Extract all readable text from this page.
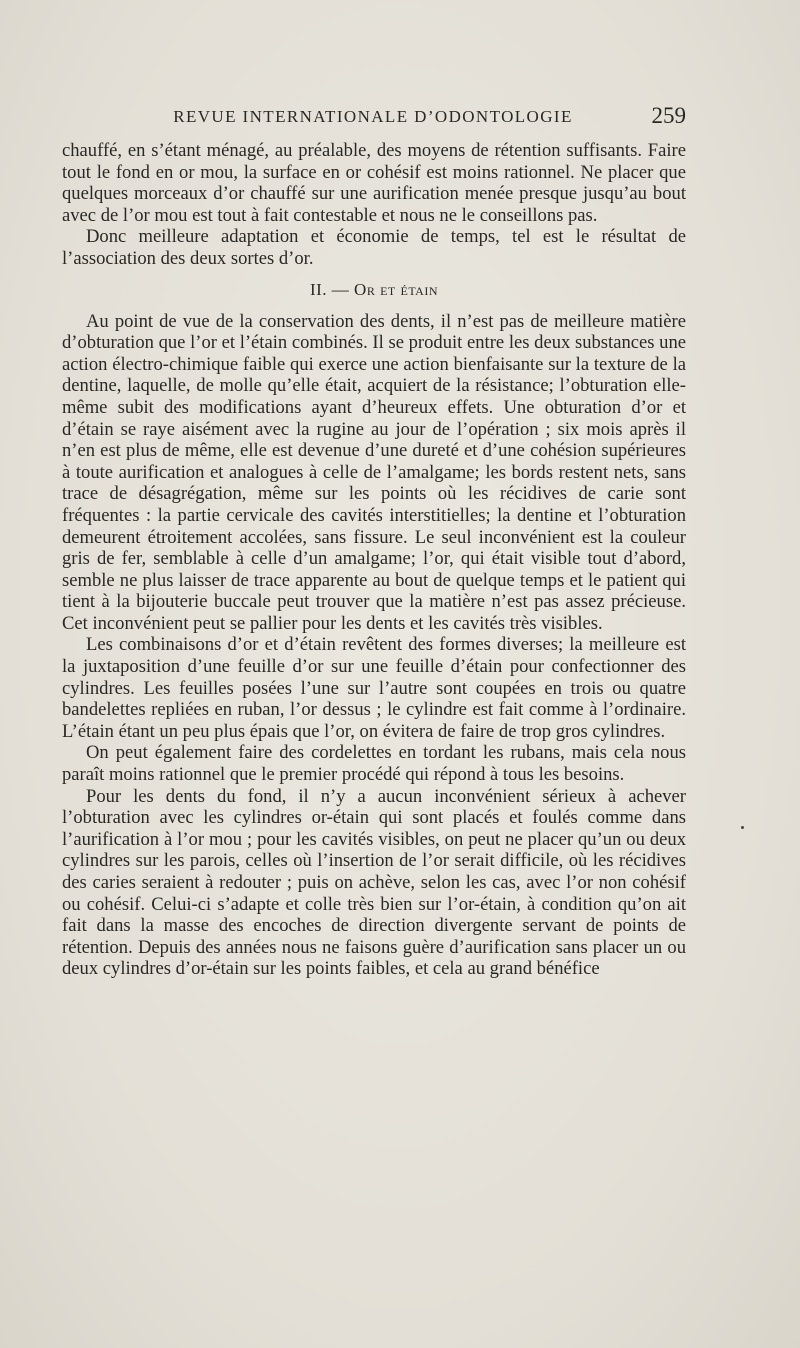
REVUE INTERNATIONALE D’ODONTOLOGIE	259

chauffé, en s’étant ménagé, au préalable, des moyens de rétention suffisants. Faire tout le fond en or mou, la surface en or cohésif est moins rationnel. Ne placer que quelques morceaux d’or chauffé sur une aurification menée presque jusqu’au bout avec de l’or mou est tout à fait contestable et nous ne le conseillons pas.

Donc meilleure adaptation et économie de temps, tel est le résultat de l’association des deux sortes d’or.

II. — Or et étain

Au point de vue de la conservation des dents, il n’est pas de meilleure matière d’obturation que l’or et l’étain combinés. Il se produit entre les deux substances une action électro-chimique faible qui exerce une action bienfaisante sur la texture de la dentine, laquelle, de molle qu’elle était, acquiert de la résistance; l’obturation elle-même subit des modifications ayant d’heureux effets. Une obturation d’or et d’étain se raye aisément avec la rugine au jour de l’opération ; six mois après il n’en est plus de même, elle est devenue d’une dureté et d’une cohésion supérieures à toute aurification et analogues à celle de l’amalgame; les bords restent nets, sans trace de désagrégation, même sur les points où les récidives de carie sont fréquentes : la partie cervicale des cavités interstitielles; la dentine et l’obturation demeurent étroitement accolées, sans fissure. Le seul inconvénient est la couleur gris de fer, semblable à celle d’un amalgame; l’or, qui était visible tout d’abord, semble ne plus laisser de trace apparente au bout de quelque temps et le patient qui tient à la bijouterie buccale peut trouver que la matière n’est pas assez précieuse. Cet inconvénient peut se pallier pour les dents et les cavités très visibles.

Les combinaisons d’or et d’étain revêtent des formes diverses; la meilleure est la juxtaposition d’une feuille d’or sur une feuille d’étain pour confectionner des cylindres. Les feuilles posées l’une sur l’autre sont coupées en trois ou quatre bandelettes repliées en ruban, l’or dessus ; le cylindre est fait comme à l’ordinaire. L’étain étant un peu plus épais que l’or, on évitera de faire de trop gros cylindres.

On peut également faire des cordelettes en tordant les rubans, mais cela nous paraît moins rationnel que le premier procédé qui répond à tous les besoins.

Pour les dents du fond, il n’y a aucun inconvénient sérieux à achever l’obturation avec les cylindres or-étain qui sont placés et foulés comme dans l’aurification à l’or mou ; pour les cavités visibles, on peut ne placer qu’un ou deux cylindres sur les parois, celles où l’insertion de l’or serait difficile, où les récidives des caries seraient à redouter ; puis on achève, selon les cas, avec l’or non cohésif ou cohésif. Celui-ci s’adapte et colle très bien sur l’or-étain, à condition qu’on ait fait dans la masse des encoches de direction divergente servant de points de rétention. Depuis des années nous ne faisons guère d’aurification sans placer un ou deux cylindres d’or-étain sur les points faibles, et cela au grand bénéfice
